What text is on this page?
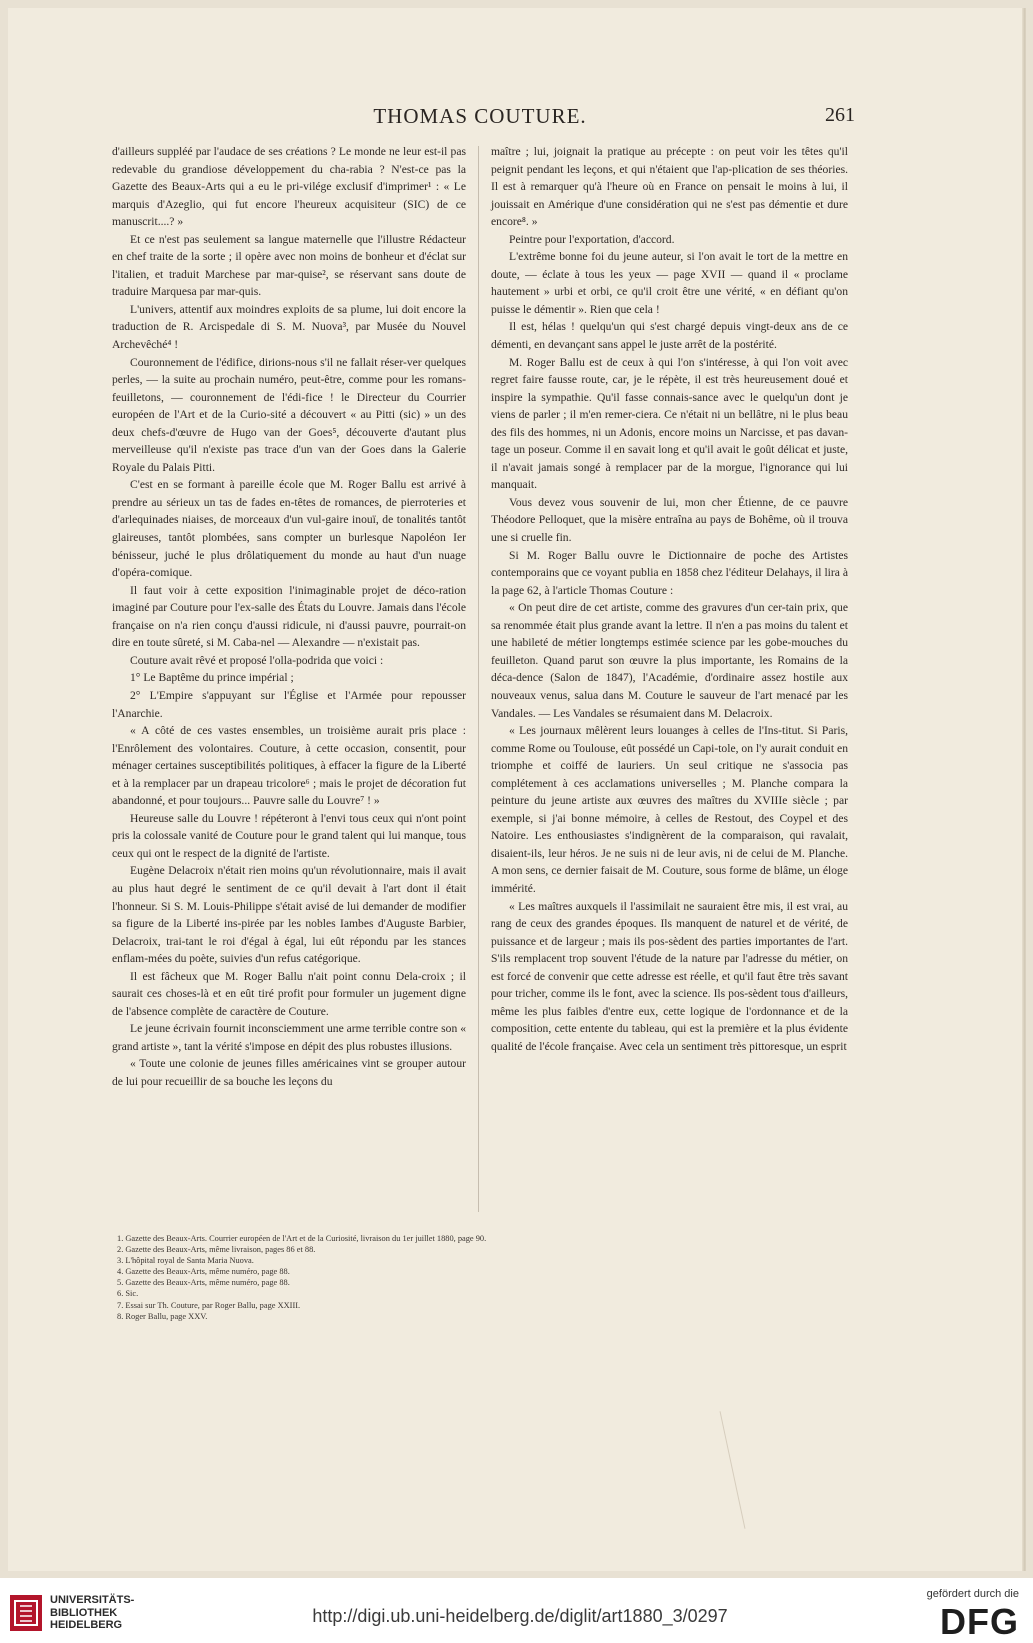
THOMAS COUTURE.	261

d'ailleurs suppléé par l'audace de ses créations ? Le monde ne leur est-il pas redevable du grandiose développement du cha-rabia ? N'est-ce pas la Gazette des Beaux-Arts qui a eu le pri-vilége exclusif d'imprimer¹ : « Le marquis d'Azeglio, qui fut encore l'heureux acquisiteur (SIC) de ce manuscrit....? »

Et ce n'est pas seulement sa langue maternelle que l'illustre Rédacteur en chef traite de la sorte ; il opère avec non moins de bonheur et d'éclat sur l'italien, et traduit Marchese par mar-quise², se réservant sans doute de traduire Marquesa par mar-quis.

L'univers, attentif aux moindres exploits de sa plume, lui doit encore la traduction de R. Arcispedale di S. M. Nuova³, par Musée du Nouvel Archevêché⁴ !

Couronnement de l'édifice, dirions-nous s'il ne fallait réser-ver quelques perles, — la suite au prochain numéro, peut-être, comme pour les romans-feuilletons, — couronnement de l'édi-fice ! le Directeur du Courrier européen de l'Art et de la Curio-sité a découvert « au Pitti (sic) » un des deux chefs-d'œuvre de Hugo van der Goes⁵, découverte d'autant plus merveilleuse qu'il n'existe pas trace d'un van der Goes dans la Galerie Royale du Palais Pitti.

C'est en se formant à pareille école que M. Roger Ballu est arrivé à prendre au sérieux un tas de fades en-têtes de romances, de pierroteries et d'arlequinades niaises, de morceaux d'un vul-gaire inouï, de tonalités tantôt glaireuses, tantôt plombées, sans compter un burlesque Napoléon Ier bénisseur, juché le plus drôlatiquement du monde au haut d'un nuage d'opéra-comique.

Il faut voir à cette exposition l'inimaginable projet de déco-ration imaginé par Couture pour l'ex-salle des États du Louvre. Jamais dans l'école française on n'a rien conçu d'aussi ridicule, ni d'aussi pauvre, pourrait-on dire en toute sûreté, si M. Caba-nel — Alexandre — n'existait pas.

Couture avait rêvé et proposé l'olla-podrida que voici :

1° Le Baptême du prince impérial ;

2° L'Empire s'appuyant sur l'Église et l'Armée pour repousser l'Anarchie.

« A côté de ces vastes ensembles, un troisième aurait pris place : l'Enrôlement des volontaires. Couture, à cette occasion, consentit, pour ménager certaines susceptibilités politiques, à effacer la figure de la Liberté et à la remplacer par un drapeau tricolore⁶ ; mais le projet de décoration fut abandonné, et pour toujours... Pauvre salle du Louvre⁷ ! »

Heureuse salle du Louvre ! répéteront à l'envi tous ceux qui n'ont point pris la colossale vanité de Couture pour le grand talent qui lui manque, tous ceux qui ont le respect de la dignité de l'artiste.

Eugène Delacroix n'était rien moins qu'un révolutionnaire, mais il avait au plus haut degré le sentiment de ce qu'il devait à l'art dont il était l'honneur. Si S. M. Louis-Philippe s'était avisé de lui demander de modifier sa figure de la Liberté ins-pirée par les nobles Iambes d'Auguste Barbier, Delacroix, trai-tant le roi d'égal à égal, lui eût répondu par les stances enflam-mées du poète, suivies d'un refus catégorique.

Il est fâcheux que M. Roger Ballu n'ait point connu Dela-croix ; il saurait ces choses-là et en eût tiré profit pour formuler un jugement digne de l'absence complète de caractère de Couture.

Le jeune écrivain fournit inconsciemment une arme terrible contre son « grand artiste », tant la vérité s'impose en dépit des plus robustes illusions.

« Toute une colonie de jeunes filles américaines vint se grouper autour de lui pour recueillir de sa bouche les leçons du

maître ; lui, joignait la pratique au précepte : on peut voir les têtes qu'il peignit pendant les leçons, et qui n'étaient que l'ap-plication de ses théories. Il est à remarquer qu'à l'heure où en France on pensait le moins à lui, il jouissait en Amérique d'une considération qui ne s'est pas démentie et dure encore⁸. »

Peintre pour l'exportation, d'accord.

L'extrême bonne foi du jeune auteur, si l'on avait le tort de la mettre en doute, — éclate à tous les yeux — page XVII — quand il « proclame hautement » urbi et orbi, ce qu'il croit être une vérité, « en défiant qu'on puisse le démentir ». Rien que cela !

Il est, hélas ! quelqu'un qui s'est chargé depuis vingt-deux ans de ce démenti, en devançant sans appel le juste arrêt de la postérité.

M. Roger Ballu est de ceux à qui l'on s'intéresse, à qui l'on voit avec regret faire fausse route, car, je le répète, il est très heureusement doué et inspire la sympathie. Qu'il fasse connais-sance avec le quelqu'un dont je viens de parler ; il m'en remer-ciera. Ce n'était ni un bellâtre, ni le plus beau des fils des hommes, ni un Adonis, encore moins un Narcisse, et pas davan-tage un poseur. Comme il en savait long et qu'il avait le goût délicat et juste, il n'avait jamais songé à remplacer par de la morgue, l'ignorance qui lui manquait.

Vous devez vous souvenir de lui, mon cher Étienne, de ce pauvre Théodore Pelloquet, que la misère entraîna au pays de Bohême, où il trouva une si cruelle fin.

Si M. Roger Ballu ouvre le Dictionnaire de poche des Artistes contemporains que ce voyant publia en 1858 chez l'éditeur Delahays, il lira à la page 62, à l'article Thomas Couture :

« On peut dire de cet artiste, comme des gravures d'un cer-tain prix, que sa renommée était plus grande avant la lettre. Il n'en a pas moins du talent et une habileté de métier longtemps estimée science par les gobe-mouches du feuilleton. Quand parut son œuvre la plus importante, les Romains de la déca-dence (Salon de 1847), l'Académie, d'ordinaire assez hostile aux nouveaux venus, salua dans M. Couture le sauveur de l'art menacé par les Vandales. — Les Vandales se résumaient dans M. Delacroix.

« Les journaux mêlèrent leurs louanges à celles de l'Ins-titut. Si Paris, comme Rome ou Toulouse, eût possédé un Capi-tole, on l'y aurait conduit en triomphe et coiffé de lauriers. Un seul critique ne s'associa pas complétement à ces acclamations universelles ; M. Planche compara la peinture du jeune artiste aux œuvres des maîtres du XVIIIe siècle ; par exemple, si j'ai bonne mémoire, à celles de Restout, des Coypel et des Natoire. Les enthousiastes s'indignèrent de la comparaison, qui ravalait, disaient-ils, leur héros. Je ne suis ni de leur avis, ni de celui de M. Planche. A mon sens, ce dernier faisait de M. Couture, sous forme de blâme, un éloge immérité.

« Les maîtres auxquels il l'assimilait ne sauraient être mis, il est vrai, au rang de ceux des grandes époques. Ils manquent de naturel et de vérité, de puissance et de largeur ; mais ils pos-sèdent des parties importantes de l'art. S'ils remplacent trop souvent l'étude de la nature par l'adresse du métier, on est forcé de convenir que cette adresse est réelle, et qu'il faut être très savant pour tricher, comme ils le font, avec la science. Ils pos-sèdent tous d'ailleurs, même les plus faibles d'entre eux, cette logique de l'ordonnance et de la composition, cette entente du tableau, qui est la première et la plus évidente qualité de l'école française. Avec cela un sentiment très pittoresque, un esprit

1. Gazette des Beaux-Arts. Courrier européen de l'Art et de la Curiosité, livraison du 1er juillet 1880, page 90.
2. Gazette des Beaux-Arts, même livraison, pages 86 et 88.
3. L'hôpital royal de Santa Maria Nuova.
4. Gazette des Beaux-Arts, même numéro, page 88.
5. Gazette des Beaux-Arts, même numéro, page 88.
6. Sic.
7. Essai sur Th. Couture, par Roger Ballu, page XXIII.
8. Roger Ballu, page XXV.
UNIVERSITÄTS-
BIBLIOTHEK
HEIDELBERG	http://digi.ub.uni-heidelberg.de/diglit/art1880_3/0297
gefördert durch die
DFG
